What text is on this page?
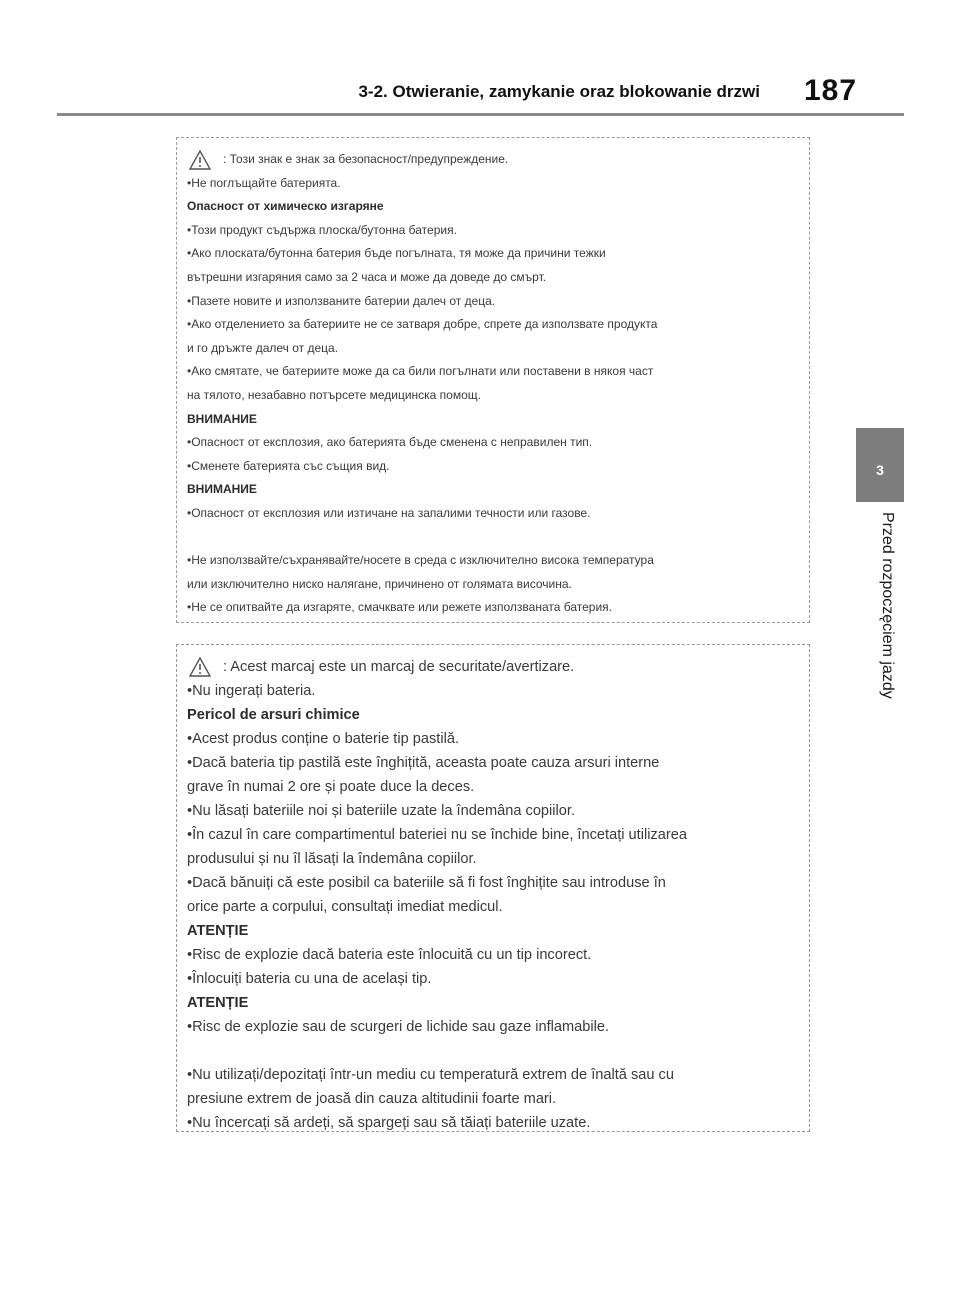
3-2. Otwieranie, zamykanie oraz blokowanie drzwi 187
3
Przed rozpoczęciem jazdy
: Този знак е знак за безопасност/предупреждение.
•Не поглъщайте батерията.
Опасност от химическо изгаряне
•Този продукт съдържа плоска/бутонна батерия.
•Ако плоската/бутонна батерия бъде погълната, тя може да причини тежки
вътрешни изгаряния само за 2 часа и може да доведе до смърт.
•Пазете новите и използваните батерии далеч от деца.
•Ако отделението за батериите не се затваря добре, спрете да използвате продукта
и го дръжте далеч от деца.
•Ако смятате, че батериите може да са били погълнати или поставени в някоя част
на тялото, незабавно потърсете медицинска помощ.
ВНИМАНИЕ
•Опасност от експлозия, ако батерията бъде сменена с неправилен тип.
•Сменете батерията със същия вид.
ВНИМАНИЕ
•Опасност от експлозия или изтичане на запалими течности или газове.
•Не използвайте/съхранявайте/носете в среда с изключително висока температура
или изключително ниско налягане, причинено от голямата височина.
•Не се опитвайте да изгаряте, смачквате или режете използваната батерия.
: Acest marcaj este un marcaj de securitate/avertizare.
•Nu ingerați bateria.
Pericol de arsuri chimice
•Acest produs conține o baterie tip pastilă.
•Dacă bateria tip pastilă este înghițită, aceasta poate cauza arsuri interne
grave în numai 2 ore și poate duce la deces.
•Nu lăsați bateriile noi și bateriile uzate la îndemâna copiilor.
•În cazul în care compartimentul bateriei nu se închide bine, încetați utilizarea
produsului și nu îl lăsați la îndemâna copiilor.
•Dacă bănuiți că este posibil ca bateriile să fi fost înghițite sau introduse în
orice parte a corpului, consultați imediat medicul.
ATENȚIE
•Risc de explozie dacă bateria este înlocuită cu un tip incorect.
•Înlocuiți bateria cu una de același tip.
ATENȚIE
•Risc de explozie sau de scurgeri de lichide sau gaze inflamabile.
•Nu utilizați/depozitați într-un mediu cu temperatură extrem de înaltă sau cu
presiune extrem de joasă din cauza altitudinii foarte mari.
•Nu încercați să ardeți, să spargeți sau să tăiați bateriile uzate.
